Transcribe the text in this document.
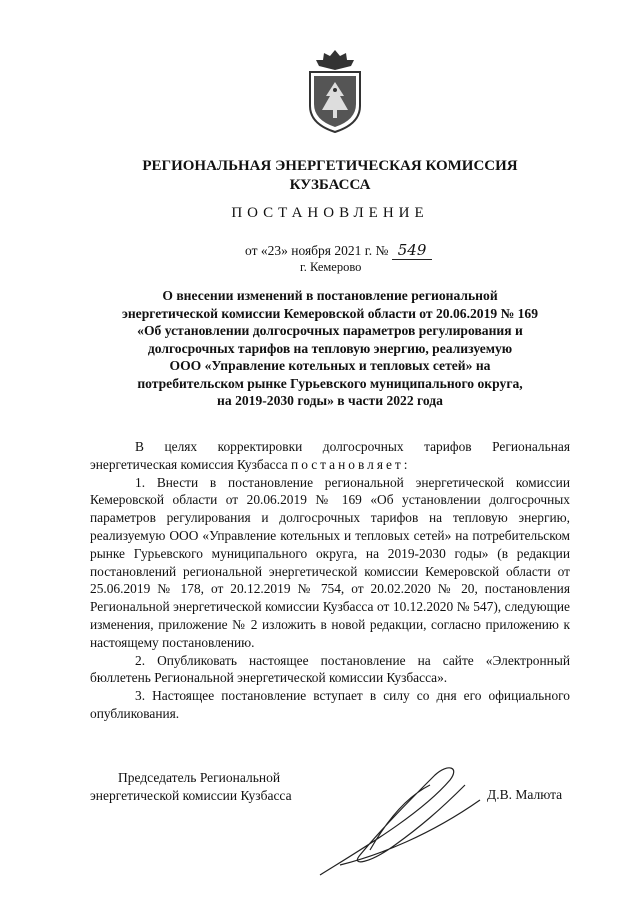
РЕГИОНАЛЬНАЯ ЭНЕРГЕТИЧЕСКАЯ КОМИССИЯ
КУЗБАССА
ПОСТАНОВЛЕНИЕ
от «23» ноября 2021 г. № 549
г. Кемерово
О внесении изменений в постановление региональной
энергетической комиссии Кемеровской области от 20.06.2019 № 169
«Об установлении долгосрочных параметров регулирования и
долгосрочных тарифов на тепловую энергию, реализуемую
ООО «Управление котельных и тепловых сетей» на
потребительском рынке Гурьевского муниципального округа,
на 2019-2030 годы» в части 2022 года

В целях корректировки долгосрочных тарифов Региональная энергетическая комиссия Кузбасса постановляет:

1. Внести в постановление региональной энергетической комиссии Кемеровской области от 20.06.2019 № 169 «Об установлении долгосрочных параметров регулирования и долгосрочных тарифов на тепловую энергию, реализуемую ООО «Управление котельных и тепловых сетей» на потребительском рынке Гурьевского муниципального округа, на 2019-2030 годы» (в редакции постановлений региональной энергетической комиссии Кемеровской области от 25.06.2019 № 178, от 20.12.2019 № 754, от 20.02.2020 № 20, постановления Региональной энергетической комиссии Кузбасса от 10.12.2020 № 547), следующие изменения, приложение № 2 изложить в новой редакции, согласно приложению к настоящему постановлению.

2. Опубликовать настоящее постановление на сайте «Электронный бюллетень Региональной энергетической комиссии Кузбасса».

3. Настоящее постановление вступает в силу со дня его официального опубликования.

Председатель Региональной
энергетической комиссии Кузбасса	Д.В. Малюта
